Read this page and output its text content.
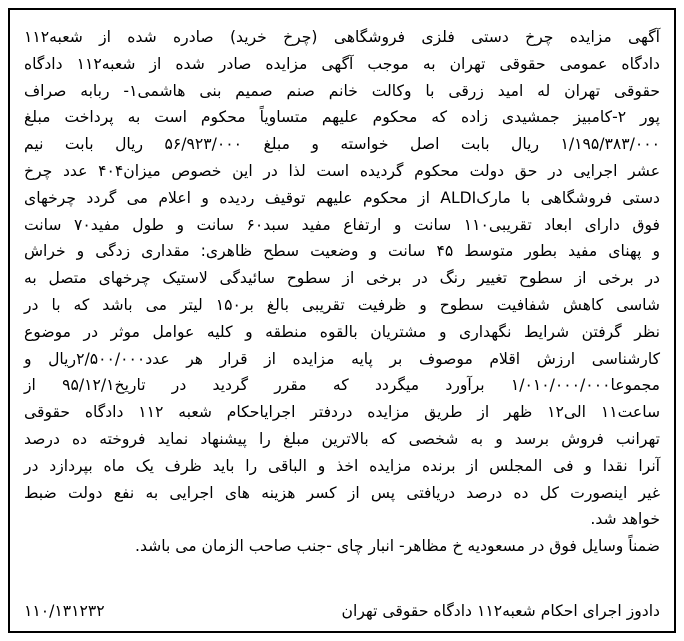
آگهی مزایده چرخ دستی فلزی فروشگاهی (چرخ خرید) صادره شده از شعبه۱۱۲
دادگاه عمومی حقوقی تهران به موجب آگهی مزایده صادر شده از شعبه۱۱۲ دادگاه
حقوقی تهران له امید زرقی با وکالت خانم صنم صمیم بنی هاشمی۱- ربابه صراف
پور ۲-کامبیز جمشیدی زاده که محکوم علیهم متساویاً محکوم است به پرداخت مبلغ
۱/۱۹۵/۳۸۳/۰۰۰ ریال بابت اصل خواسته و مبلغ ۵۶/۹۲۳/۰۰۰ ریال بابت نیم
عشر اجرایی در حق دولت محکوم گردیده است لذا در این خصوص میزان۴۰۴ عدد چرخ
دستی فروشگاهی با مارکALDI از محکوم علیهم توقیف ردیده و اعلام می گردد چرخهای
فوق دارای ابعاد تقریبی۱۱۰ سانت و ارتفاع مفید سبد۶۰ سانت و طول مفید۷۰ سانت
و پهنای مفید بطور متوسط ۴۵ سانت و وضعیت سطح ظاهری: مقداری زدگی و خراش
در برخی از سطوح تغییر رنگ در برخی از سطوح سائیدگی لاستیک چرخهای متصل به
شاسی کاهش شفافیت سطوح و ظرفیت تقریبی بالغ بر۱۵۰ لیتر می باشد که با در
نظر گرفتن شرایط نگهداری و مشتریان بالقوه منطقه و کلیه عوامل موثر در موضوع
کارشناسی ارزش اقلام موصوف بر پایه مزایده از قرار هر عدد۲/۵۰۰/۰۰۰ریال و
مجموعا۱/۰۱۰/۰۰۰/۰۰۰ برآورد میگردد که مقرر گردید در تاریخ۹۵/۱۲/۱ از
ساعت۱۱ الی۱۲ ظهر از طریق مزایده دردفتر اجرایاحکام شعبه ۱۱۲ دادگاه حقوقی
تهرانب فروش برسد و به شخصی که بالاترین مبلغ را پیشنهاد نماید فروخته ده درصد
آنرا نقدا و فی المجلس از برنده مزایده اخذ و الباقی را باید ظرف یک ماه بپردازد در
غیر اینصورت کل ده درصد دریافتی پس از کسر هزینه های اجرایی به نفع دولت ضبط
خواهد شد.

ضمناً وسایل فوق در مسعودیه خ مظاهر- انبار چای -جنب صاحب الزمان می باشد.

دادوز اجرای احکام شعبه۱۱۲ دادگاه حقوقی تهران
۱۱۰/۱۳۱۲۳۲
